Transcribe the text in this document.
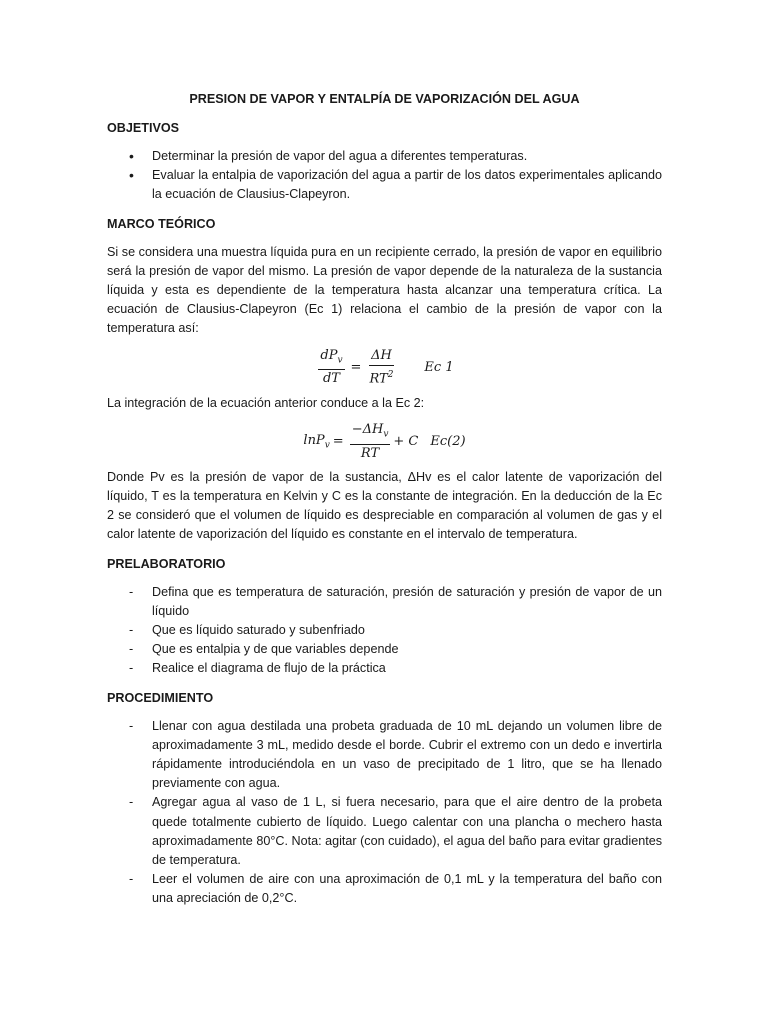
PRESION DE VAPOR Y ENTALPÍA DE VAPORIZACIÓN DEL AGUA
OBJETIVOS
• Determinar la presión de vapor del agua a diferentes temperaturas.
• Evaluar la entalpia de vaporización del agua a partir de los datos experimentales aplicando la ecuación de Clausius-Clapeyron.
MARCO TEÓRICO

Si se considera una muestra líquida pura en un recipiente cerrado, la presión de vapor en equilibrio será la presión de vapor del mismo. La presión de vapor depende de la naturaleza de la sustancia líquida y esta es dependiente de la temperatura hasta alcanzar una temperatura crítica. La ecuación de Clausius-Clapeyron (Ec 1) relaciona el cambio de la presión de vapor con la temperatura así:

$\frac{dP_v}{dT} = \frac{\Delta H}{RT^2}$ Ec 1

La integración de la ecuación anterior conduce a la Ec 2:

$\ln P_v = \frac{-\Delta H_v}{RT} + C$ Ec(2)

Donde Pv es la presión de vapor de la sustancia, ΔHv es el calor latente de vaporización del líquido, T es la temperatura en Kelvin y C es la constante de integración. En la deducción de la Ec 2 se consideró que el volumen de líquido es despreciable en comparación al volumen de gas y el calor latente de vaporización del líquido es constante en el intervalo de temperatura.

PRELABORATORIO
- Defina que es temperatura de saturación, presión de saturación y presión de vapor de un líquido
- Que es líquido saturado y subenfriado
- Que es entalpia y de que variables depende
- Realice el diagrama de flujo de la práctica
PROCEDIMIENTO
- Llenar con agua destilada una probeta graduada de 10 mL dejando un volumen libre de aproximadamente 3 mL, medido desde el borde. Cubrir el extremo con un dedo e invertirla rápidamente introduciéndola en un vaso de precipitado de 1 litro, que se ha llenado previamente con agua.
- Agregar agua al vaso de 1 L, si fuera necesario, para que el aire dentro de la probeta quede totalmente cubierto de líquido. Luego calentar con una plancha o mechero hasta aproximadamente 80°C. Nota: agitar (con cuidado), el agua del baño para evitar gradientes de temperatura.
- Leer el volumen de aire con una aproximación de 0,1 mL y la temperatura del baño con una apreciación de 0,2°C.
